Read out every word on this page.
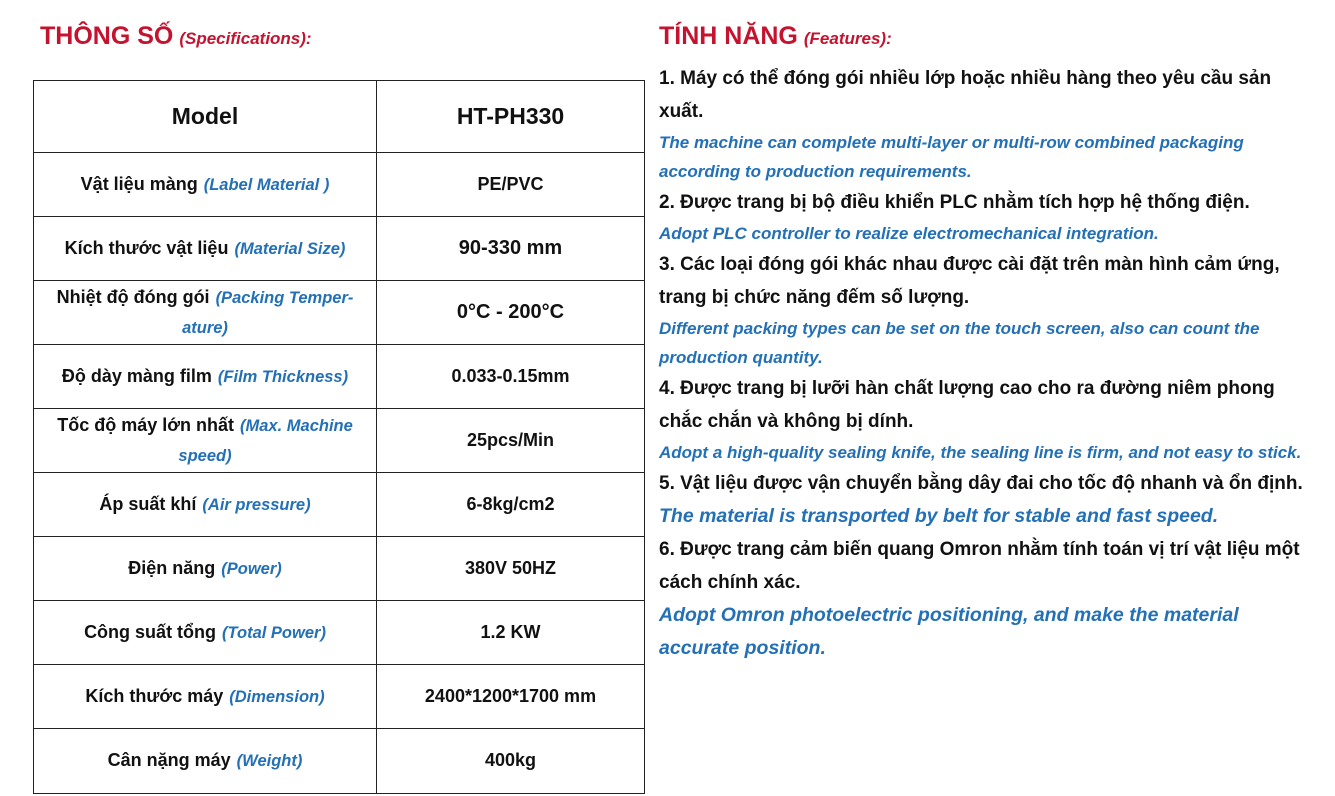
THÔNG SỐ (Specifications):	TÍNH NĂNG (Features):
Model	HT-PH330
Vật liệu màng (Label Material )	PE/PVC
Kích thước vật liệu (Material Size)	90-330 mm
Nhiệt độ đóng gói (Packing Temper-ature)	0°C - 200°C
Độ dày màng film (Film Thickness)	0.033-0.15mm
Tốc độ máy lớn nhất (Max. Machine speed)	25pcs/Min
Áp suất khí (Air pressure)	6-8kg/cm2
Điện năng (Power)	380V 50HZ
Công suất tổng (Total Power)	1.2 KW
Kích thước máy (Dimension)	2400*1200*1700 mm
Cân nặng máy (Weight)	400kg
1. Máy có thể đóng gói nhiều lớp hoặc nhiều hàng theo yêu cầu sản xuất.
The machine can complete multi-layer or multi-row combined packaging according to production requirements.
2. Được trang bị bộ điều khiển PLC nhằm tích hợp hệ thống điện.
Adopt PLC controller to realize electromechanical integration.
3. Các loại đóng gói khác nhau được cài đặt trên màn hình cảm ứng, trang bị chức năng đếm số lượng.
Different packing types can be set on the touch screen, also can count the production quantity.
4. Được trang bị lưỡi hàn chất lượng cao cho ra đường niêm phong chắc chắn và không bị dính.
Adopt a high-quality sealing knife, the sealing line is firm, and not easy to stick.
5. Vật liệu được vận chuyển bằng dây đai cho tốc độ nhanh và ổn định.
The material is transported by belt for stable and fast speed.
6. Được trang cảm biến quang Omron nhằm tính toán vị trí vật liệu một cách chính xác.
Adopt Omron photoelectric positioning, and make the material accurate position.
